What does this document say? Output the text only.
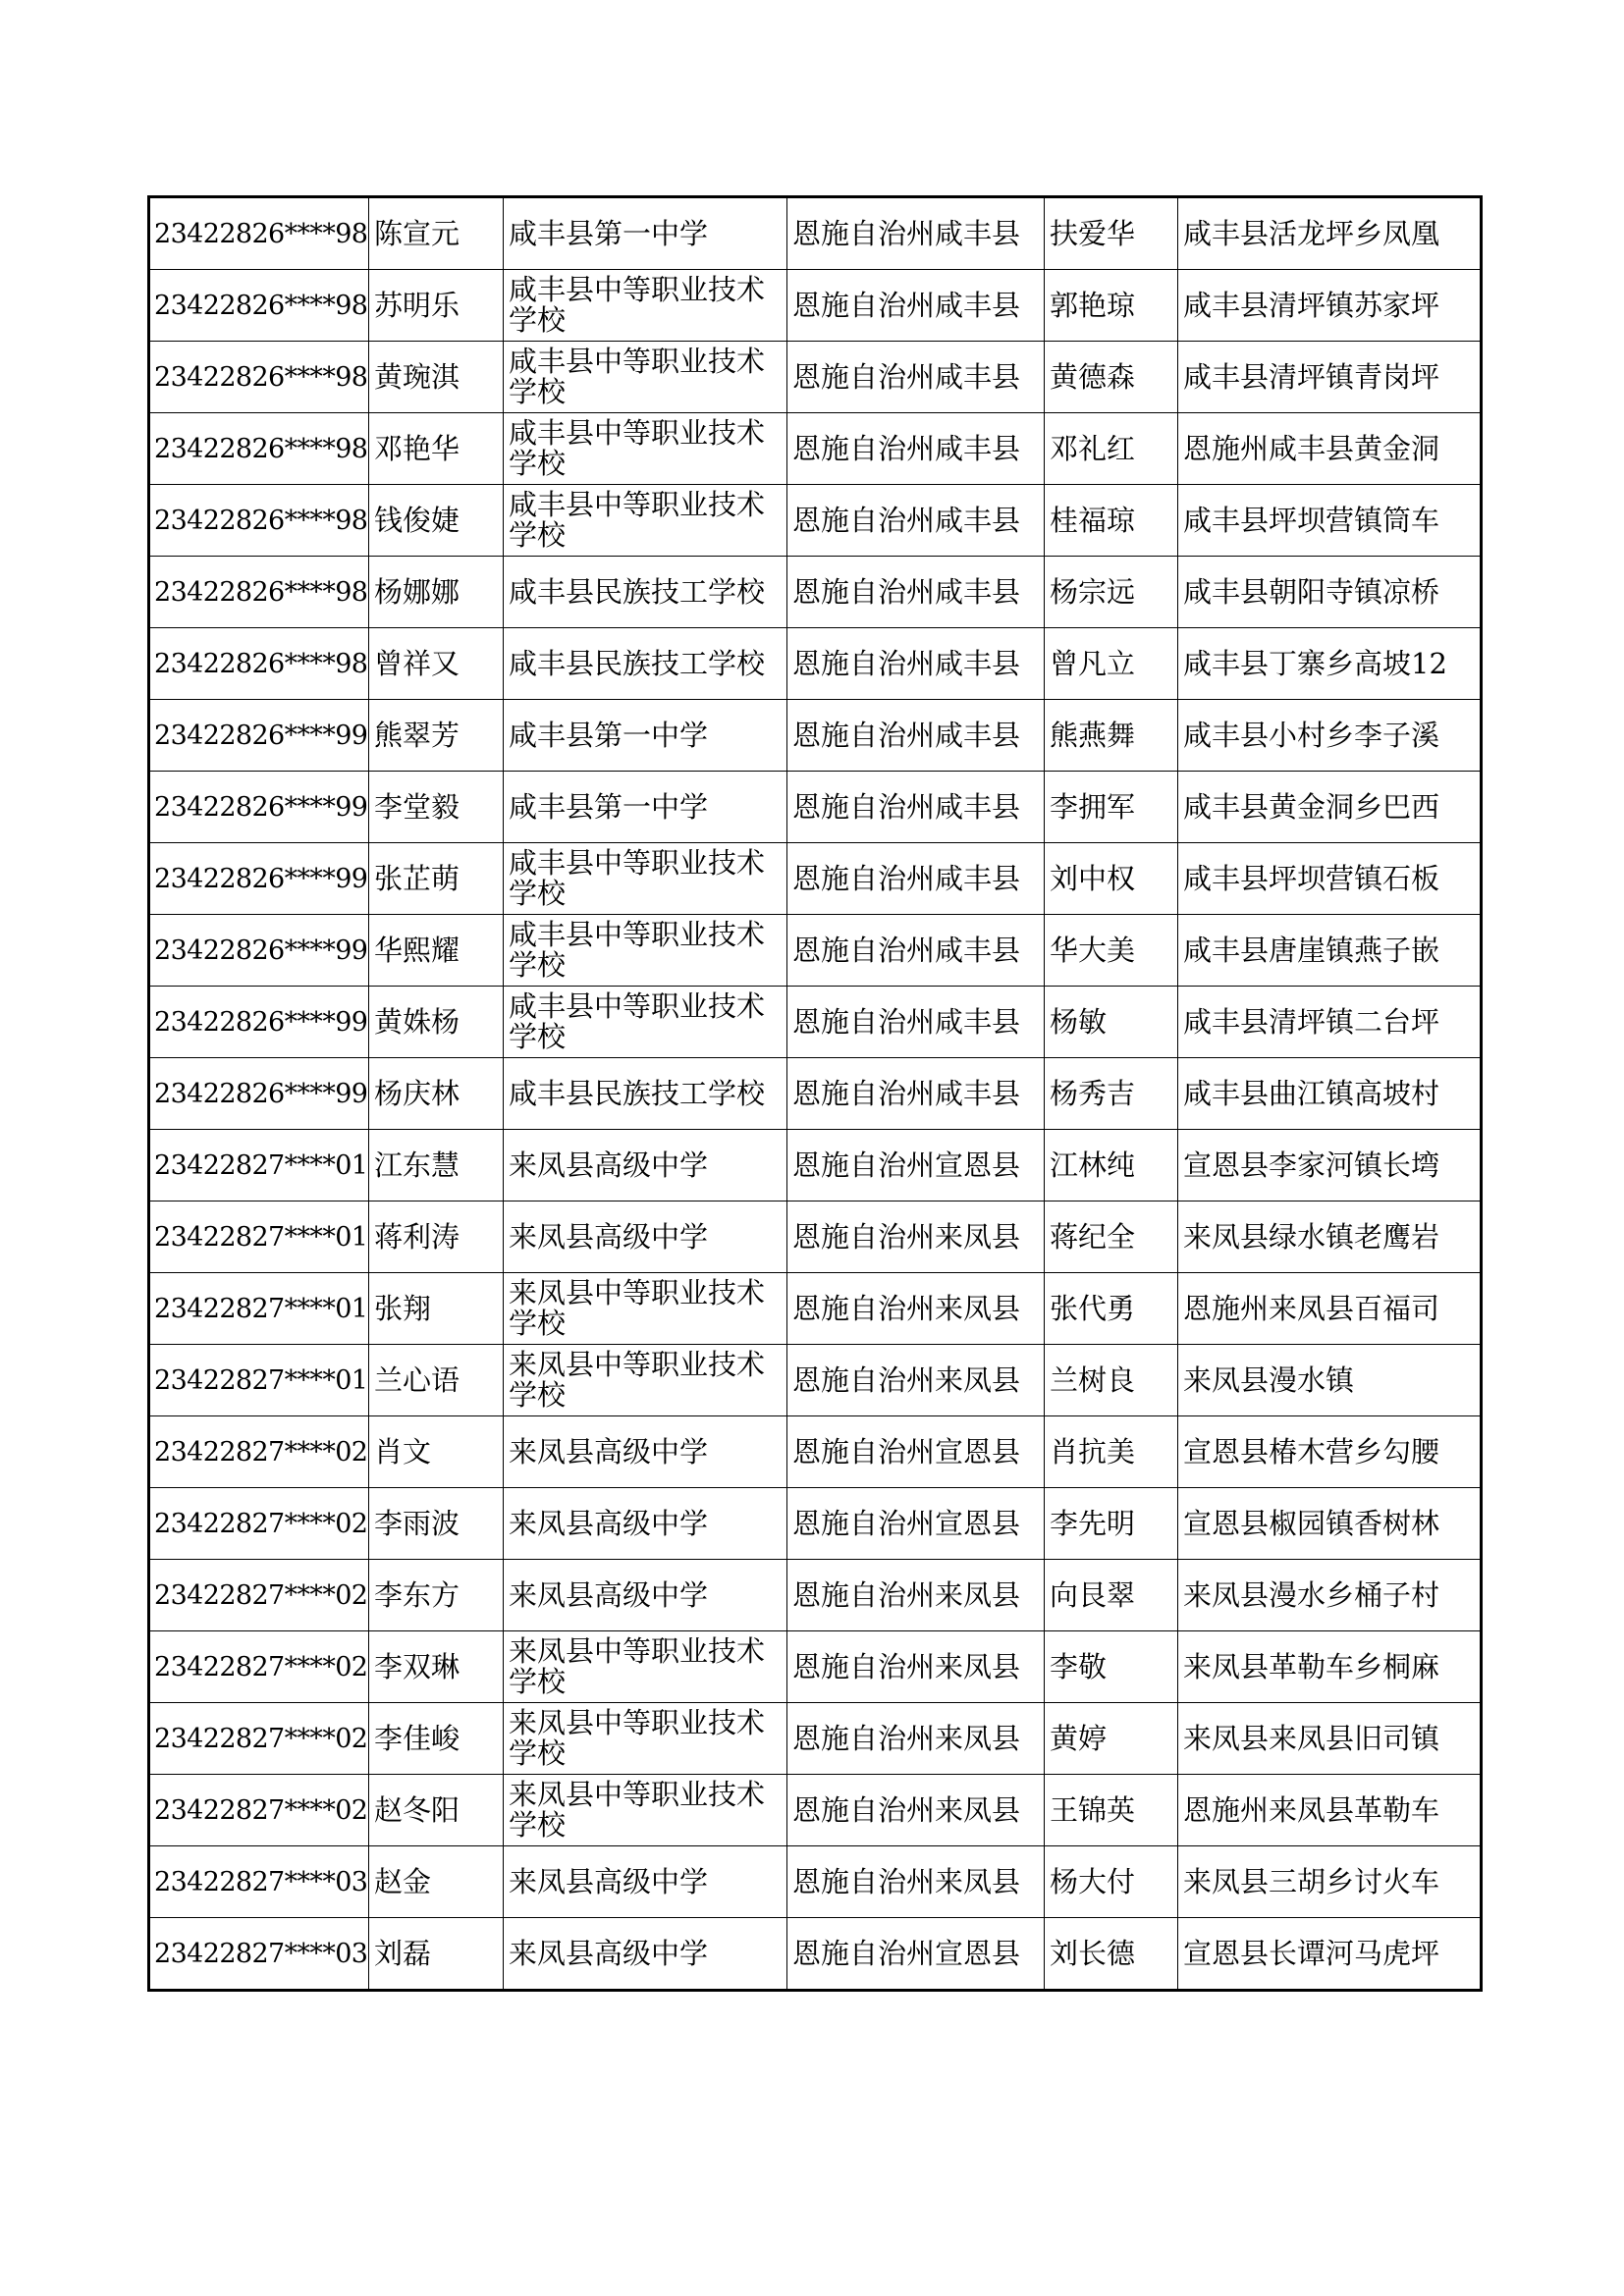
23422826****98	陈宣元	咸丰县第一中学	恩施自治州咸丰县	扶爱华	咸丰县活龙坪乡凤凰
23422826****98	苏明乐	咸丰县中等职业技术学校	恩施自治州咸丰县	郭艳琼	咸丰县清坪镇苏家坪
23422826****98	黄琬淇	咸丰县中等职业技术学校	恩施自治州咸丰县	黄德森	咸丰县清坪镇青岗坪
23422826****98	邓艳华	咸丰县中等职业技术学校	恩施自治州咸丰县	邓礼红	恩施州咸丰县黄金洞
23422826****98	钱俊婕	咸丰县中等职业技术学校	恩施自治州咸丰县	桂福琼	咸丰县坪坝营镇筒车
23422826****98	杨娜娜	咸丰县民族技工学校	恩施自治州咸丰县	杨宗远	咸丰县朝阳寺镇凉桥
23422826****98	曾祥又	咸丰县民族技工学校	恩施自治州咸丰县	曾凡立	咸丰县丁寨乡高坡12
23422826****99	熊翠芳	咸丰县第一中学	恩施自治州咸丰县	熊燕舞	咸丰县小村乡李子溪
23422826****99	李堂毅	咸丰县第一中学	恩施自治州咸丰县	李拥军	咸丰县黄金洞乡巴西
23422826****99	张芷萌	咸丰县中等职业技术学校	恩施自治州咸丰县	刘中权	咸丰县坪坝营镇石板
23422826****99	华熙耀	咸丰县中等职业技术学校	恩施自治州咸丰县	华大美	咸丰县唐崖镇燕子嵌
23422826****99	黄姝杨	咸丰县中等职业技术学校	恩施自治州咸丰县	杨敏	咸丰县清坪镇二台坪
23422826****99	杨庆林	咸丰县民族技工学校	恩施自治州咸丰县	杨秀吉	咸丰县曲江镇高坡村
23422827****01	江东慧	来凤县高级中学	恩施自治州宣恩县	江林纯	宣恩县李家河镇长塆
23422827****01	蒋利涛	来凤县高级中学	恩施自治州来凤县	蒋纪全	来凤县绿水镇老鹰岩
23422827****01	张翔	来凤县中等职业技术学校	恩施自治州来凤县	张代勇	恩施州来凤县百福司
23422827****01	兰心语	来凤县中等职业技术学校	恩施自治州来凤县	兰树良	来凤县漫水镇
23422827****02	肖文	来凤县高级中学	恩施自治州宣恩县	肖抗美	宣恩县椿木营乡勾腰
23422827****02	李雨波	来凤县高级中学	恩施自治州宣恩县	李先明	宣恩县椒园镇香树林
23422827****02	李东方	来凤县高级中学	恩施自治州来凤县	向艮翠	来凤县漫水乡桶子村
23422827****02	李双琳	来凤县中等职业技术学校	恩施自治州来凤县	李敬	来凤县革勒车乡桐麻
23422827****02	李佳峻	来凤县中等职业技术学校	恩施自治州来凤县	黄婷	来凤县来凤县旧司镇
23422827****02	赵冬阳	来凤县中等职业技术学校	恩施自治州来凤县	王锦英	恩施州来凤县革勒车
23422827****03	赵金	来凤县高级中学	恩施自治州来凤县	杨大付	来凤县三胡乡讨火车
23422827****03	刘磊	来凤县高级中学	恩施自治州宣恩县	刘长德	宣恩县长谭河马虎坪
